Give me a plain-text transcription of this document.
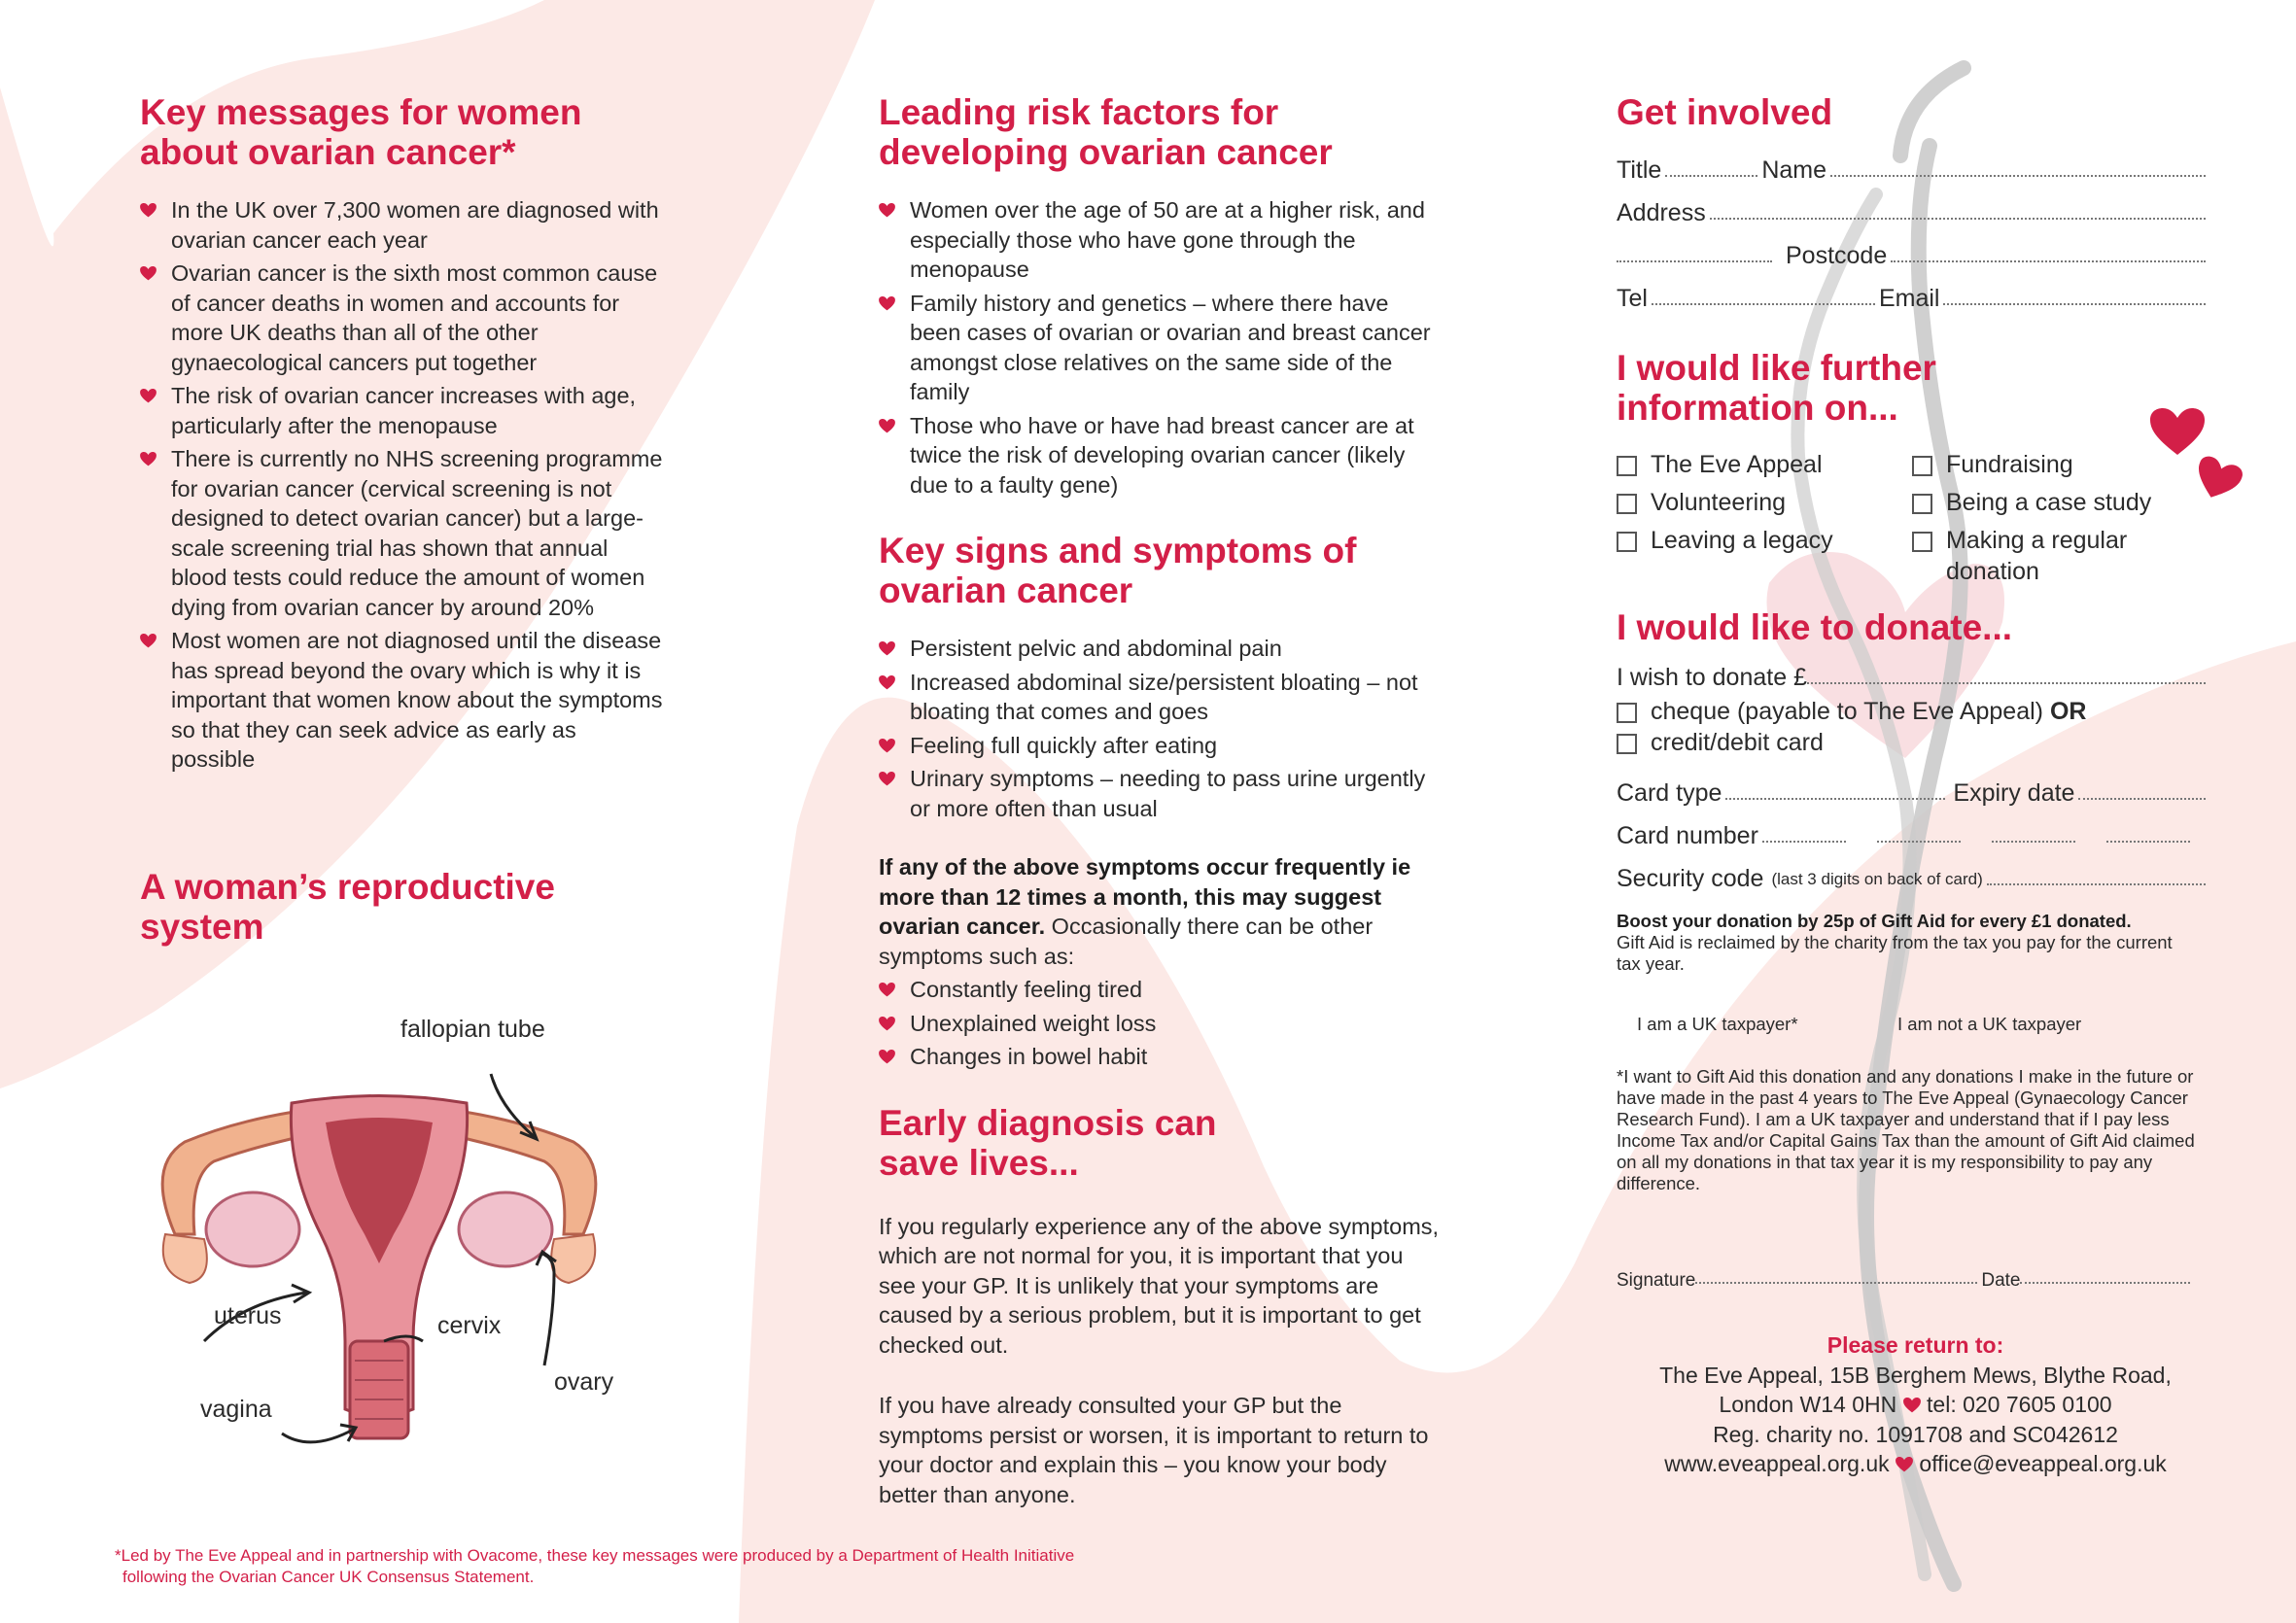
Key messages for women about ovarian cancer*
In the UK over 7,300 women are diagnosed with ovarian cancer each year
Ovarian cancer is the sixth most common cause of cancer deaths in women and accounts for more UK deaths than all of the other gynaecological cancers put together
The risk of ovarian cancer increases with age, particularly after the menopause
There is currently no NHS screening programme for ovarian cancer (cervical screening is not designed to detect ovarian cancer) but a large-scale screening trial has shown that annual blood tests could reduce the amount of women dying from ovarian cancer by around 20%
Most women are not diagnosed until the disease has spread beyond the ovary which is why it is important that women know about the symptoms so that they can seek advice as early as possible
A woman’s reproductive system
fallopian tube
uterus	cervix
ovary
vagina
Leading risk factors for developing ovarian cancer
Women over the age of 50 are at a higher risk, and especially those who have gone through the menopause
Family history and genetics – where there have been cases of ovarian or ovarian and breast cancer amongst close relatives on the same side of the family
Those who have or have had breast cancer are at twice the risk of developing ovarian cancer (likely due to a faulty gene)
Key signs and symptoms of ovarian cancer
Persistent pelvic and abdominal pain
Increased abdominal size/persistent bloating – not bloating that comes and goes
Feeling full quickly after eating
Urinary symptoms – needing to pass urine urgently or more often than usual

If any of the above symptoms occur frequently ie more than 12 times a month, this may suggest ovarian cancer. Occasionally there can be other symptoms such as:

Constantly feeling tired
Unexplained weight loss
Changes in bowel habit
Early diagnosis can save lives...

If you regularly experience any of the above symptoms, which are not normal for you, it is important that you see your GP. It is unlikely that your symptoms are caused by a serious problem, but it is important to get checked out.

If you have already consulted your GP but the symptoms persist or worsen, it is important to return to your doctor and explain this – you know your body better than anyone.

Get involved
Title	Name
Address
Postcode
Tel	Email
I would like further information on...
The Eve Appeal	Fundraising
Volunteering	Being a case study
Leaving a legacy	Making a regular donation
I would like to donate...
I wish to donate £
cheque (payable to The Eve Appeal) OR
credit/debit card
Card type	Expiry date
Card number
Security code (last 3 digits on back of card)
Boost your donation by 25p of Gift Aid for every £1 donated.
Gift Aid is reclaimed by the charity from the tax you pay for the current tax year.
I am a UK taxpayer*	I am not a UK taxpayer
*I want to Gift Aid this donation and any donations I make in the future or have made in the past 4 years to The Eve Appeal (Gynaecology Cancer Research Fund). I am a UK taxpayer and understand that if I pay less Income Tax and/or Capital Gains Tax than the amount of Gift Aid claimed on all my donations in that tax year it is my responsibility to pay any difference.
Signature	Date
Please return to:
The Eve Appeal, 15B Berghem Mews, Blythe Road,
London W14 0HN tel: 020 7605 0100
Reg. charity no. 1091708 and SC042612
www.eveappeal.org.uk office@eveappeal.org.uk
*Led by The Eve Appeal and in partnership with Ovacome, these key messages were produced by a Department of Health Initiative
following the Ovarian Cancer UK Consensus Statement.
